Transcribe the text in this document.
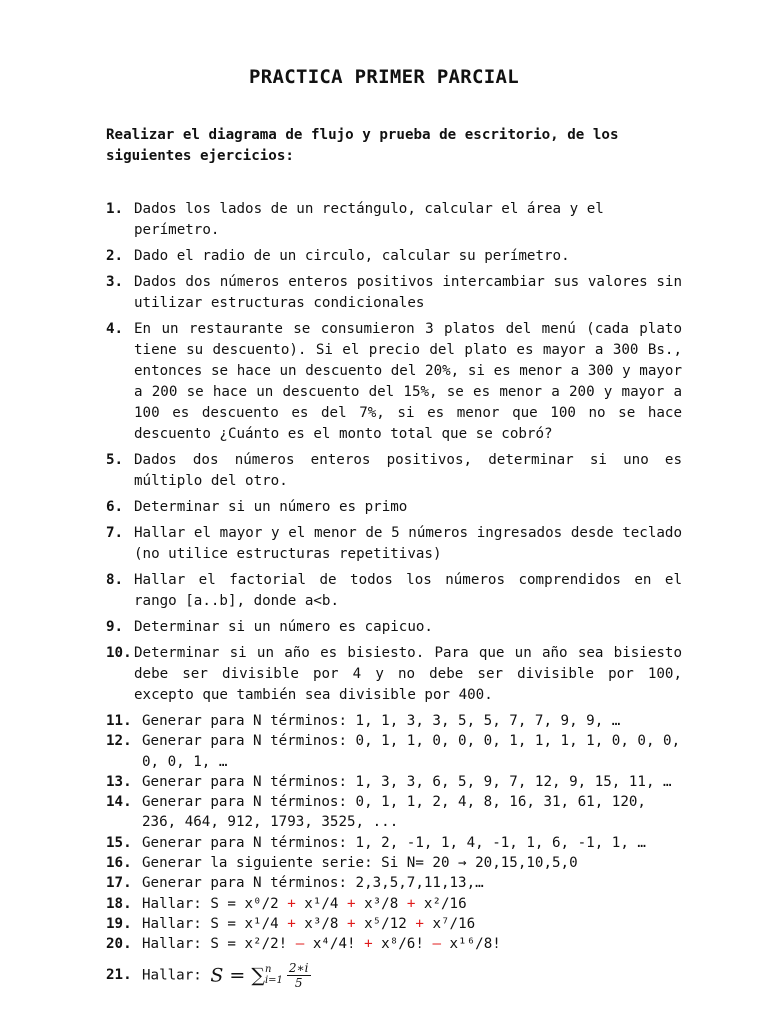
PRACTICA PRIMER PARCIAL
Realizar el diagrama de flujo y prueba de escritorio, de los siguientes ejercicios:
1. Dados los lados de un rectángulo, calcular el área y el perímetro.
2. Dado el radio de un circulo, calcular su perímetro.
3. Dados dos números enteros positivos intercambiar sus valores sin utilizar estructuras condicionales
4. En un restaurante se consumieron 3 platos del menú (cada plato tiene su descuento). Si el precio del plato es mayor a 300 Bs., entonces se hace un descuento del 20%, si es menor a 300 y mayor a 200 se hace un descuento del 15%, se es menor a 200 y mayor a 100 es descuento es del 7%, si es menor que 100 no se hace descuento ¿Cuánto es el monto total que se cobró?
5. Dados dos números enteros positivos, determinar si uno es múltiplo del otro.
6. Determinar si un número es primo
7. Hallar el mayor y el menor de 5 números ingresados desde teclado (no utilice estructuras repetitivas)
8. Hallar el factorial de todos los números comprendidos en el rango [a..b], donde a<b.
9. Determinar si un número es capicuo.
10. Determinar si un año es bisiesto. Para que un año sea bisiesto debe ser divisible por 4 y no debe ser divisible por 100, excepto que también sea divisible por 400.
11. Generar para N términos: 1, 1, 3, 3, 5, 5, 7, 7, 9, 9, …
12. Generar para N términos: 0, 1, 1, 0, 0, 0, 1, 1, 1, 1, 0, 0, 0, 0, 0, 1, …
13. Generar para N términos: 1, 3, 3, 6, 5, 9, 7, 12, 9, 15, 11, …
14. Generar para N términos: 0, 1, 1, 2, 4, 8, 16, 31, 61, 120, 236, 464, 912, 1793, 3525, ...
15. Generar para N términos: 1, 2, -1, 1, 4, -1, 1, 6, -1, 1, …
16. Generar la siguiente serie: Si N= 20 → 20,15,10,5,0
17. Generar para N términos: 2,3,5,7,11,13,…
18. Hallar: S = x⁰/2 + x¹/4 + x³/8 + x²/16
19. Hallar: S = x¹/4 + x³/8 + x⁵/12 + x⁷/16
20. Hallar: S = x²/2! – x⁴/4! + x⁸/6! – x¹⁶/8!
21. Hallar: S = ∑ n
$i=1 \frac{2∗i}{5}$
